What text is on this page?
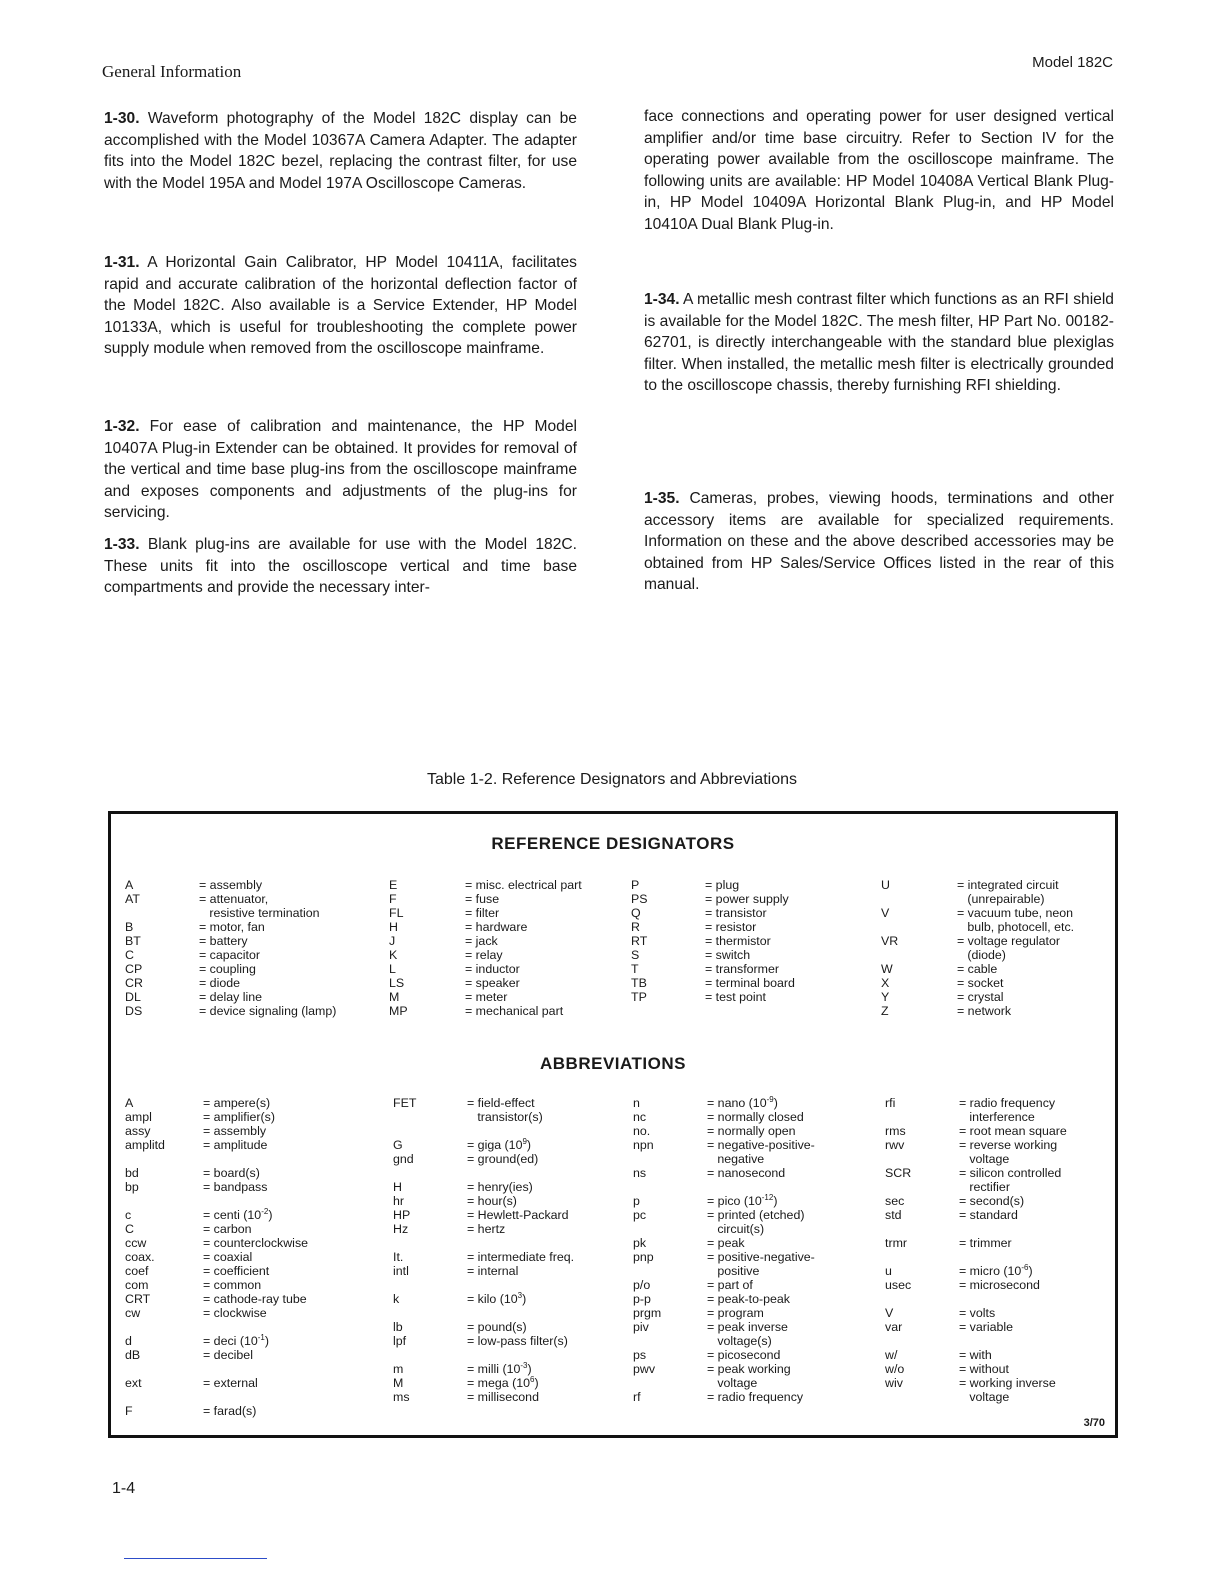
General Information	Model 182C

1-30. Waveform photography of the Model 182C display can be accomplished with the Model 10367A Camera Adapter. The adapter fits into the Model 182C bezel, replacing the contrast filter, for use with the Model 195A and Model 197A Oscilloscope Cameras.

1-31. A Horizontal Gain Calibrator, HP Model 10411A, facilitates rapid and accurate calibration of the horizontal deflection factor of the Model 182C. Also available is a Service Extender, HP Model 10133A, which is useful for troubleshooting the complete power supply module when removed from the oscilloscope mainframe.

1-32. For ease of calibration and maintenance, the HP Model 10407A Plug-in Extender can be obtained. It provides for removal of the vertical and time base plug-ins from the oscilloscope mainframe and exposes components and adjustments of the plug-ins for servicing.

1-33. Blank plug-ins are available for use with the Model 182C. These units fit into the oscilloscope vertical and time base compartments and provide the necessary inter-

face connections and operating power for user designed vertical amplifier and/or time base circuitry. Refer to Section IV for the operating power available from the oscilloscope mainframe. The following units are available: HP Model 10408A Vertical Blank Plug-in, HP Model 10409A Horizontal Blank Plug-in, and HP Model 10410A Dual Blank Plug-in.

1-34. A metallic mesh contrast filter which functions as an RFI shield is available for the Model 182C. The mesh filter, HP Part No. 00182-62701, is directly interchangeable with the standard blue plexiglas filter. When installed, the metallic mesh filter is electrically grounded to the oscilloscope chassis, thereby furnishing RFI shielding.

1-35. Cameras, probes, viewing hoods, terminations and other accessory items are available for specialized requirements. Information on these and the above described accessories may be obtained from HP Sales/Service Offices listed in the rear of this manual.

Table 1-2. Reference Designators and Abbreviations
REFERENCE DESIGNATORS
A
AT

B
BT
C
CP
CR
DL
DS
= assembly
= attenuator,
resistive termination
= motor, fan
= battery
= capacitor
= coupling
= diode
= delay line
= device signaling (lamp)
E
F
FL
H
J
K
L
LS
M
MP
= misc. electrical part
= fuse
= filter
= hardware
= jack
= relay
= inductor
= speaker
= meter
= mechanical part
P
PS
Q
R
RT
S
T
TB
TP
= plug
= power supply
= transistor
= resistor
= thermistor
= switch
= transformer
= terminal board
= test point
U

V

VR

W
X
Y
Z
= integrated circuit
(unrepairable)
= vacuum tube, neon
bulb, photocell, etc.
= voltage regulator
(diode)
= cable
= socket
= crystal
= network
ABBREVIATIONS
A
ampl
assy
amplitd

bd
bp

c
C
ccw
coax.
coef
com
CRT
cw

d
dB

ext

F
= ampere(s)
= amplifier(s)
= assembly
= amplitude

= board(s)
= bandpass

= centi $(10^{-2})$
= carbon
= counterclockwise
= coaxial
= coefficient
= common
= cathode-ray tube
= clockwise

= deci $(10^{-1})$
= decibel

= external

= farad(s)
FET

G
gnd

H
hr
HP
Hz

It.
intl

k

lb
lpf

m
M
ms
= field-effect
transistor(s)

= giga $(10^9)$
= ground(ed)

= henry(ies)
= hour(s)
= Hewlett-Packard
= hertz

= intermediate freq.
= internal

= kilo $(10^3)$

= pound(s)
= low-pass filter(s)

= milli $(10^{-3})$
= mega $(10^6)$
= millisecond
n
nc
no.
npn

ns

p
pc

pk
pnp

p/o
p-p
prgm
piv

ps
pwv

rf
= nano $(10^{-9})$
= normally closed
= normally open
= negative-positive-
negative
= nanosecond

= pico $(10^{-12})$
= printed (etched)
circuit(s)
= peak
= positive-negative-
positive
= part of
= peak-to-peak
= program
= peak inverse
voltage(s)
= picosecond
= peak working
voltage
= radio frequency
rfi

rms
rwv

SCR

sec
std

trmr

u
usec

V
var

w/
w/o
wiv
= radio frequency
interference
= root mean square
= reverse working
voltage
= silicon controlled
rectifier
= second(s)
= standard

= trimmer

= micro $(10^{-6})$
= microsecond

= volts
= variable

= with
= without
= working inverse
voltage
3/70
1-4
